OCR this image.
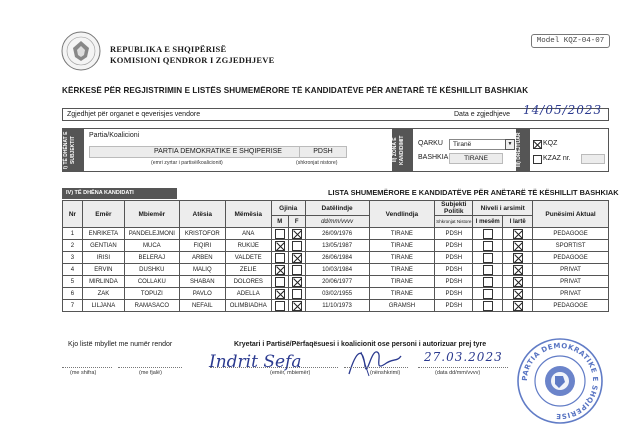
REPUBLIKA E SHQIPËRISË
KOMISIONI QENDROR I ZGJEDHJEVE
Model KQZ-04-07
KËRKESË PËR REGJISTRIMIN E LISTËS SHUMEMËRORE TË KANDIDATËVE PËR ANËTARË TË KËSHILLIT BASHKIAK
Zgjedhjet për organet e qeverisjes vendore	Data e zgjedhjeve 14/05/2023
I) TË DHËNAT E SUBJEKTIT
Partia/Koalicioni
PARTIA DEMOKRATIKE E SHQIPERISE
(emri zyrtar i partisë/koalicionit)
PDSH
(shkronjat nistore)
II) ZONA E KANDIDIMIT	QARKU	Tiranë	▼
BASHKIA	TIRANE	III) DREJTUAR	KQZ
KZAZ nr.
IV) TË DHËNA KANDIDATI	LISTA SHUMEMËRORE E KANDIDATËVE PËR ANËTARË TË KËSHILLIT BASHKIAK
Nr	Emër	Mbiemër	Atësia	Mëmësia	Gjinia		Datëlindje	Vendlindja	Subjekti Politik	Niveli i arsimit		Punësimi Aktual
					M	F	dd/mm/vvvv		Shkronjat Nistore	I mesëm	I lartë	
1	ENRIKETA	PANDELEJMONI	KRISTOFOR	ANA			26/09/1976	TIRANE	PDSH			PEDAGOGE
2	GENTIAN	MUCA	FIQIRI	RUKIJE			13/05/1987	TIRANE	PDSH			SPORTIST
3	IRISI	BELERAJ	ARBEN	VALDETE			26/06/1984	TIRANE	PDSH			PEDAGOGE
4	ERVIN	DUSHKU	MALIQ	ZELIE			10/03/1984	TIRANE	PDSH			PRIVAT
5	MIRLINDA	COLLAKU	SHABAN	DOLORES			20/06/1977	TIRANE	PDSH			PRIVAT
6	ZAK	TOPUZI	PAVLO	ADELLA			03/02/1955	TIRANE	PDSH			PRIVAT
7	LILJANA	RAMASACO	NEFAIL	OLIMBIADHA			11/10/1973	GRAMSH	PDSH			PEDAGOGE
Kjo listë mbyllet me numër rendor
(me shifra)	(me fjalë)
Kryetari i Partisë/Përfaqësuesi i koalicionit ose personi i autorizuar prej tyre
Indrit Sefa
(emër, mbiemër)	(nënshkrimi)
27.03.2023
(data dd/mm/vvvv)
PARTIA DEMOKRATIKE E SHQIPERISE
